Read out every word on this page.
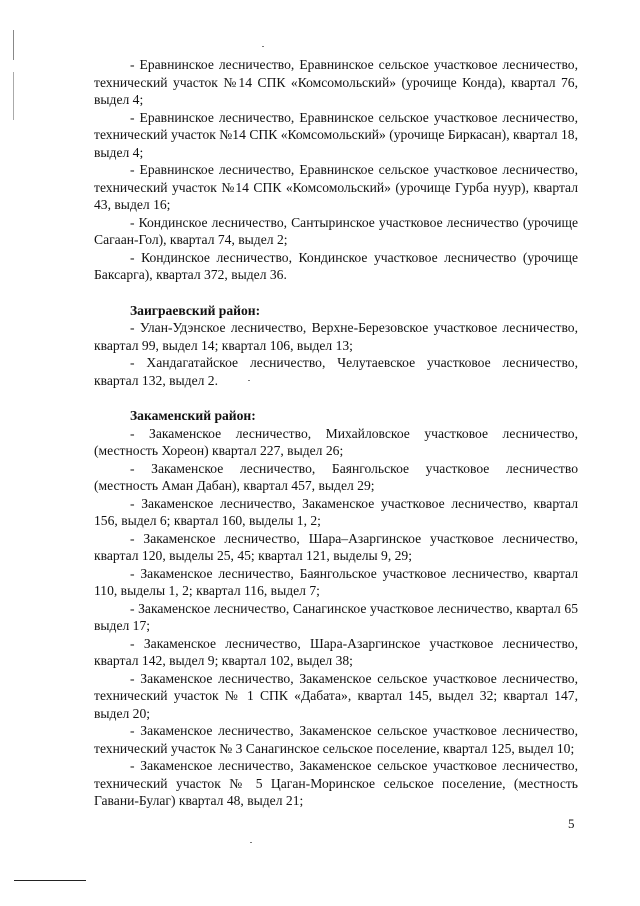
- Еравнинское лесничество, Еравнинское сельское участковое лесничество, технический участок №14 СПК «Комсомольский» (урочище Конда), квартал 76, выдел 4;

- Еравнинское лесничество, Еравнинское сельское участковое лесничество, технический участок №14 СПК «Комсомольский» (урочище Биркасан), квартал 18, выдел 4;

- Еравнинское лесничество, Еравнинское сельское участковое лесничество, технический участок №14 СПК «Комсомольский» (урочище Гурба нуур), квартал 43, выдел 16;

- Кондинское лесничество, Сантыринское участковое лесничество (урочище Сагаан-Гол), квартал 74, выдел 2;

- Кондинское лесничество, Кондинское участковое лесничество (урочище Баксарга), квартал 372, выдел 36.

Заиграевский район:

- Улан-Удэнское лесничество, Верхне-Березовское участковое лесничество, квартал 99, выдел 14; квартал 106, выдел 13;

- Хандагатайское лесничество, Челутаевское участковое лесничество, квартал 132, выдел 2.

Закаменский район:

- Закаменское лесничество, Михайловское участковое лесничество, (местность Хореон) квартал 227, выдел 26;

- Закаменское лесничество, Баянгольское участковое лесничество (местность Аман Дабан), квартал 457, выдел 29;

- Закаменское лесничество, Закаменское участковое лесничество, квартал 156, выдел 6; квартал 160, выделы 1, 2;

- Закаменское лесничество, Шара–Азаргинское участковое лесничество, квартал 120, выделы 25, 45; квартал 121, выделы 9, 29;

- Закаменское лесничество, Баянгольское участковое лесничество, квартал 110, выделы 1, 2; квартал 116, выдел 7;

- Закаменское лесничество, Санагинское участковое лесничество, квартал 65 выдел 17;

- Закаменское лесничество, Шара-Азаргинское участковое лесничество, квартал 142, выдел 9; квартал 102, выдел 38;

- Закаменское лесничество, Закаменское сельское участковое лесничество, технический участок № 1 СПК «Дабата», квартал 145, выдел 32; квартал 147, выдел 20;

- Закаменское лесничество, Закаменское сельское участковое лесничество, технический участок № 3 Санагинское сельское поселение, квартал 125, выдел 10;

- Закаменское лесничество, Закаменское сельское участковое лесничество, технический участок № 5 Цаган-Моринское сельское поселение, (местность Гавани-Булаг) квартал 48, выдел 21;

5
